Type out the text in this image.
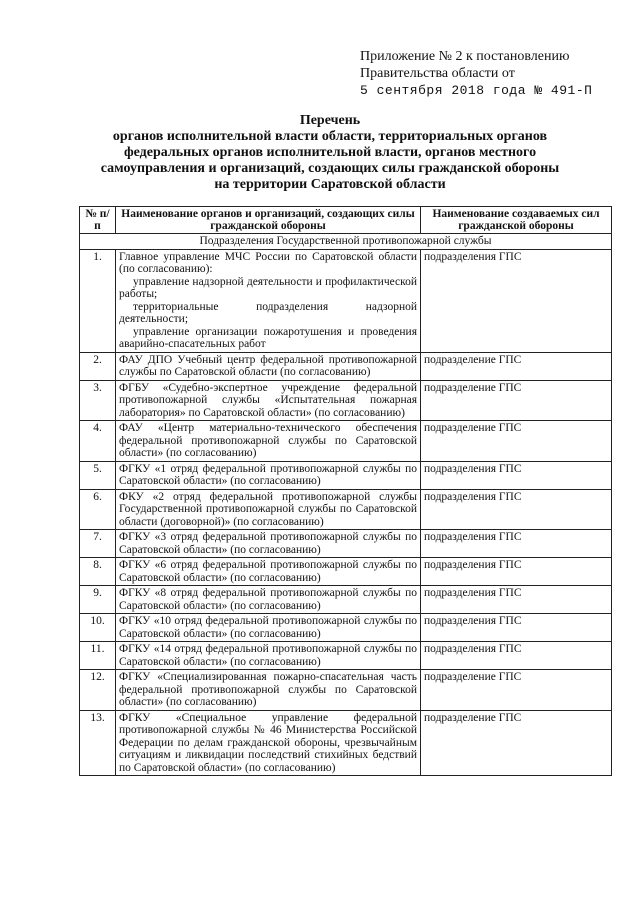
Приложение № 2 к постановлению
Правительства области от
5 сентября 2018 года № 491-П
Перечень
органов исполнительной власти области, территориальных органов
федеральных органов исполнительной власти, органов местного
самоуправления и организаций, создающих силы гражданской обороны
на территории Саратовской области
№ п/п	Наименование органов и организаций, создающих силы гражданской обороны	Наименование создаваемых сил гражданской обороны
Подразделения Государственной противопожарной службы		
1.	Главное управление МЧС России по Саратовской области (по согласованию):
управление надзорной деятельности и профилактической работы;
территориальные подразделения надзорной деятельности;
управление организации пожаротушения и проведения аварийно-спасательных работ	подразделения ГПС
2.	ФАУ ДПО Учебный центр федеральной противопожарной службы по Саратовской области (по согласованию)	подразделение ГПС
3.	ФГБУ «Судебно-экспертное учреждение федеральной противопожарной службы «Испытательная пожарная лаборатория» по Саратовской области» (по согласованию)	подразделение ГПС
4.	ФАУ «Центр материально-технического обеспечения федеральной противопожарной службы по Саратовской области» (по согласованию)	подразделение ГПС
5.	ФГКУ «1 отряд федеральной противопожарной службы по Саратовской области» (по согласованию)	подразделения ГПС
6.	ФКУ «2 отряд федеральной противопожарной службы Государственной противопожарной службы по Саратовской области (договорной)» (по согласованию)	подразделения ГПС
7.	ФГКУ «3 отряд федеральной противопожарной службы по Саратовской области» (по согласованию)	подразделения ГПС
8.	ФГКУ «6 отряд федеральной противопожарной службы по Саратовской области» (по согласованию)	подразделения ГПС
9.	ФГКУ «8 отряд федеральной противопожарной службы по Саратовской области» (по согласованию)	подразделения ГПС
10.	ФГКУ «10 отряд федеральной противопожарной службы по Саратовской области» (по согласованию)	подразделения ГПС
11.	ФГКУ «14 отряд федеральной противопожарной службы по Саратовской области» (по согласованию)	подразделения ГПС
12.	ФГКУ «Специализированная пожарно-спасательная часть федеральной противопожарной службы по Саратовской области» (по согласованию)	подразделение ГПС
13.	ФГКУ «Специальное управление федеральной противопожарной службы № 46 Министерства Российской Федерации по делам гражданской обороны, чрезвычайным ситуациям и ликвидации последствий стихийных бедствий по Саратовской области» (по согласованию)	подразделение ГПС
